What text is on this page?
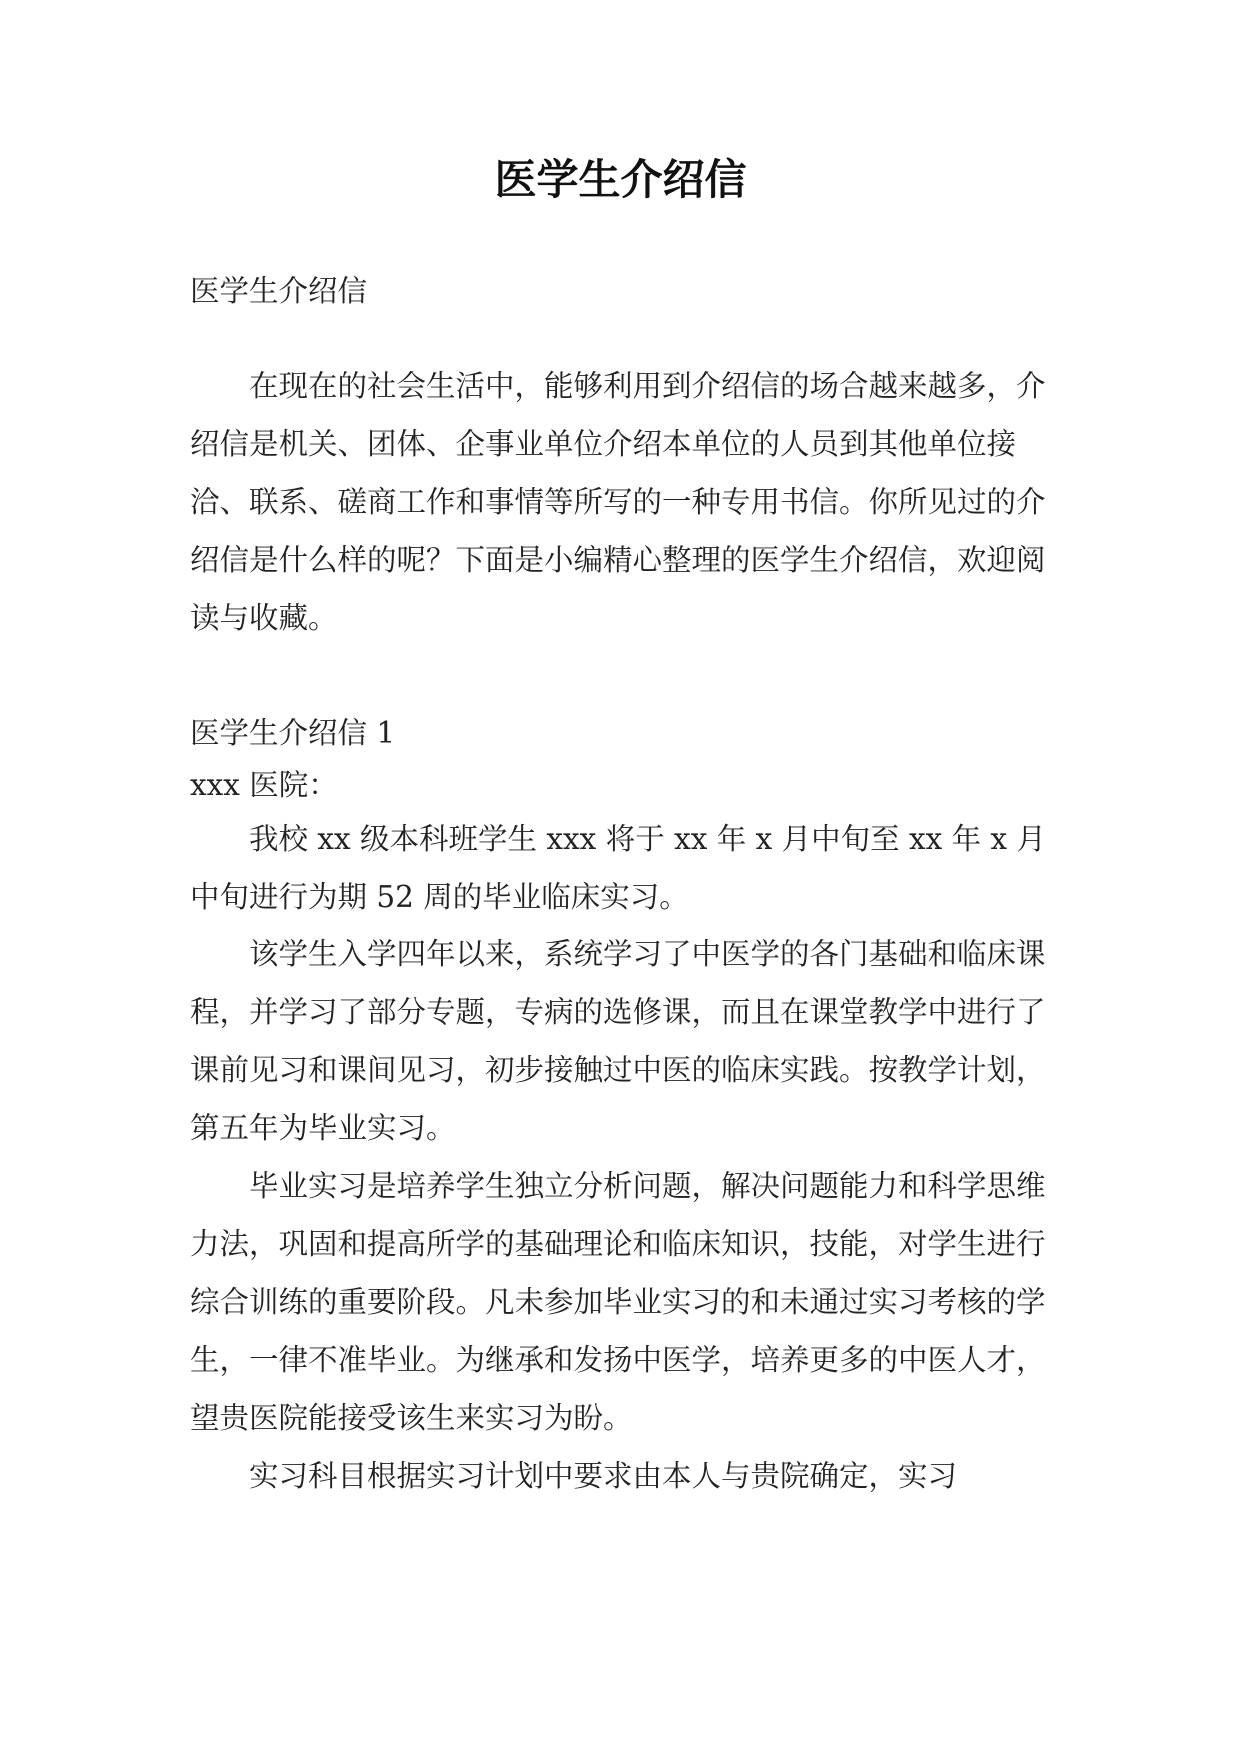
医学生介绍信

医学生介绍信

在现在的社会生活中，能够利用到介绍信的场合越来越多，介绍信是机关、团体、企事业单位介绍本单位的人员到其他单位接洽、联系、磋商工作和事情等所写的一种专用书信。你所见过的介绍信是什么样的呢？下面是小编精心整理的医学生介绍信，欢迎阅读与收藏。

医学生介绍信 1

xxx 医院：

我校 xx 级本科班学生 xxx 将于 xx 年 x 月中旬至 xx 年 x 月中旬进行为期 52 周的毕业临床实习。

该学生入学四年以来，系统学习了中医学的各门基础和临床课程，并学习了部分专题，专病的选修课，而且在课堂教学中进行了课前见习和课间见习，初步接触过中医的临床实践。按教学计划，第五年为毕业实习。

毕业实习是培养学生独立分析问题，解决问题能力和科学思维力法，巩固和提高所学的基础理论和临床知识，技能，对学生进行综合训练的重要阶段。凡未参加毕业实习的和未通过实习考核的学生，一律不准毕业。为继承和发扬中医学，培养更多的中医人才，望贵医院能接受该生来实习为盼。

实习科目根据实习计划中要求由本人与贵院确定，实习
